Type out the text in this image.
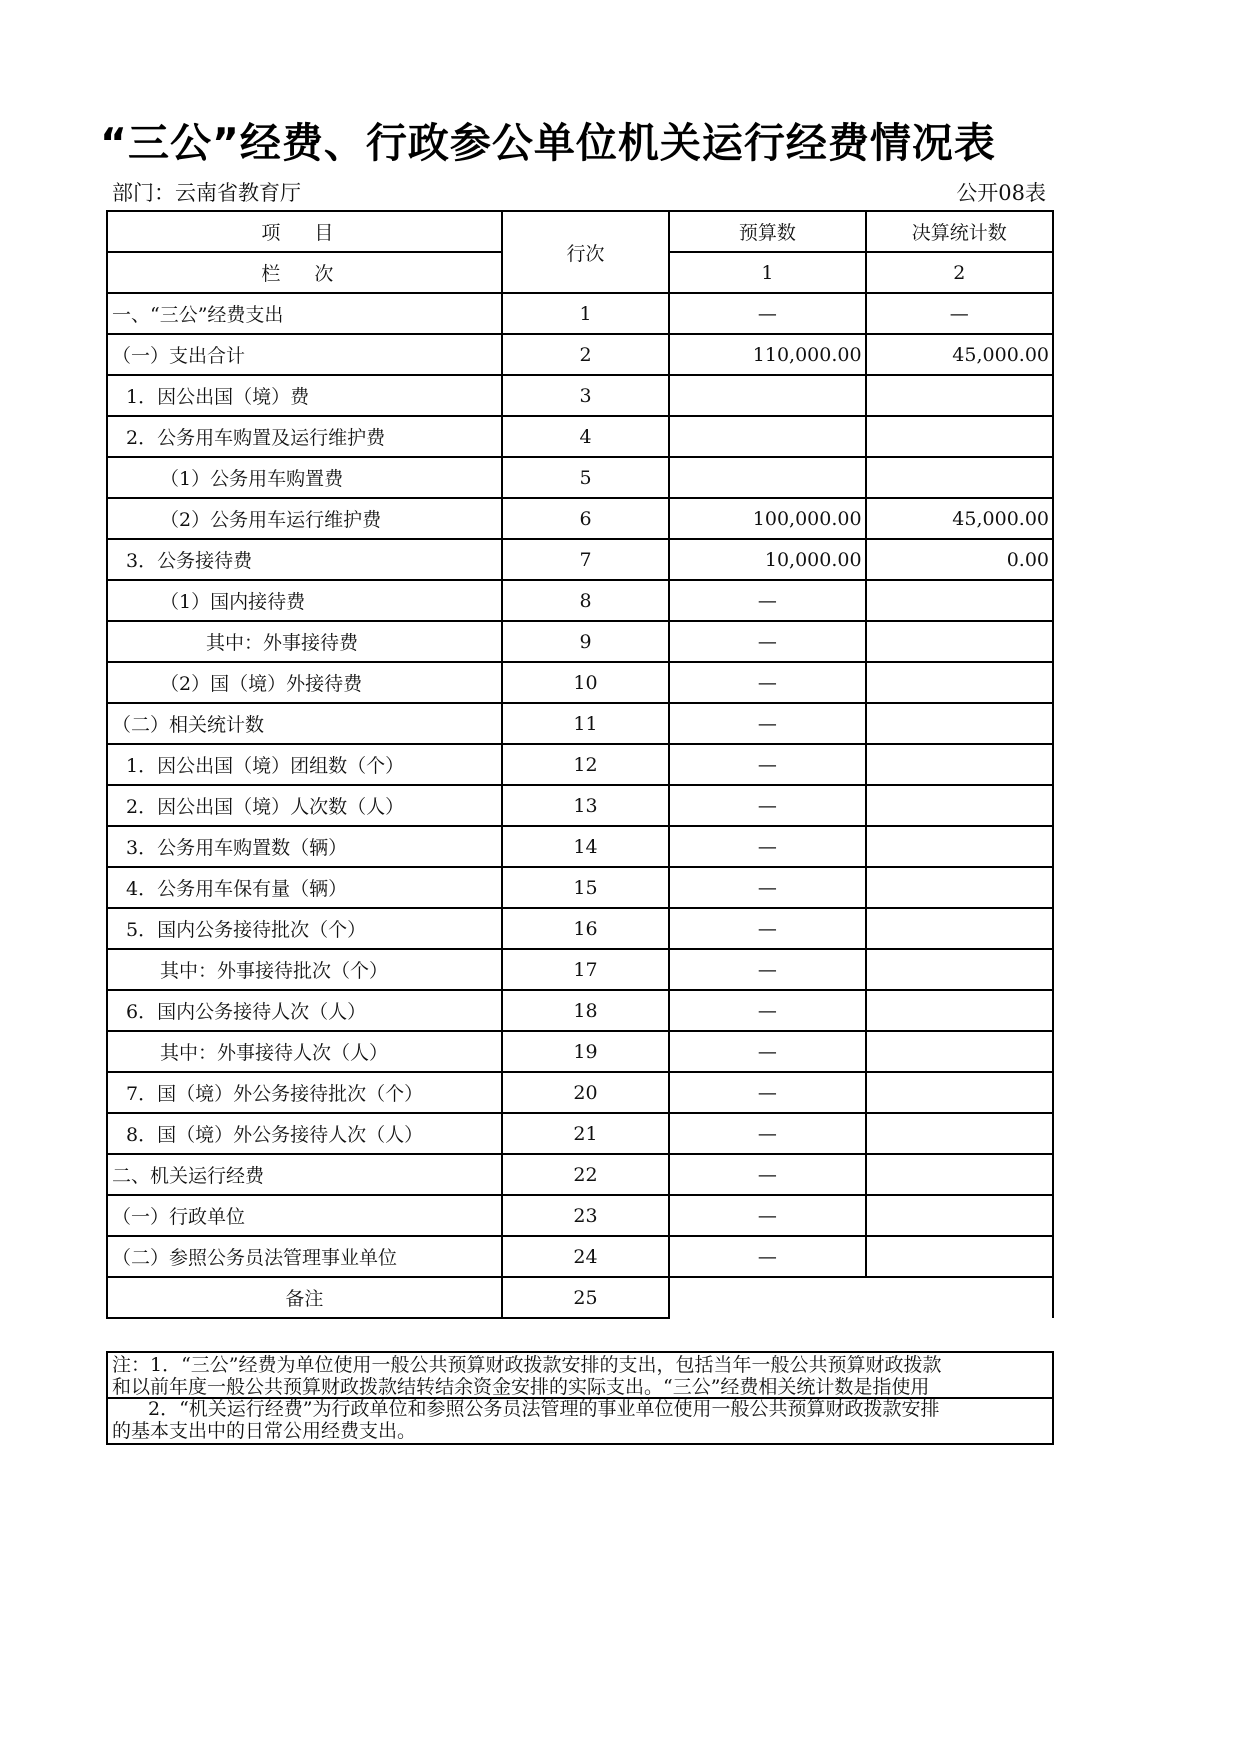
“三公”经费、行政参公单位机关运行经费情况表
部门：云南省教育厅	公开08表
项 目	行次	预算数	决算统计数
栏 次		1	2
一、“三公”经费支出	1	—	—
（一）支出合计	2	110,000.00	45,000.00
1．因公出国（境）费	3		
2．公务用车购置及运行维护费	4		
（1）公务用车购置费	5		
（2）公务用车运行维护费	6	100,000.00	45,000.00
3．公务接待费	7	10,000.00	0.00
（1）国内接待费	8	—	
其中：外事接待费	9	—	
（2）国（境）外接待费	10	—	
（二）相关统计数	11	—	
1．因公出国（境）团组数（个）	12	—	
2．因公出国（境）人次数（人）	13	—	
3．公务用车购置数（辆）	14	—	
4．公务用车保有量（辆）	15	—	
5．国内公务接待批次（个）	16	—	
其中：外事接待批次（个）	17	—	
6．国内公务接待人次（人）	18	—	
其中：外事接待人次（人）	19	—	
7．国（境）外公务接待批次（个）	20	—	
8．国（境）外公务接待人次（人）	21	—	
二、机关运行经费	22	—	
（一）行政单位	23	—	
（二）参照公务员法管理事业单位	24	—	
备注	25		
注：1．“三公”经费为单位使用一般公共预算财政拨款安排的支出，包括当年一般公共预算财政拨款
和以前年度一般公共预算财政拨款结转结余资金安排的实际支出。“三公”经费相关统计数是指使用
2．“机关运行经费”为行政单位和参照公务员法管理的事业单位使用一般公共预算财政拨款安排
的基本支出中的日常公用经费支出。
